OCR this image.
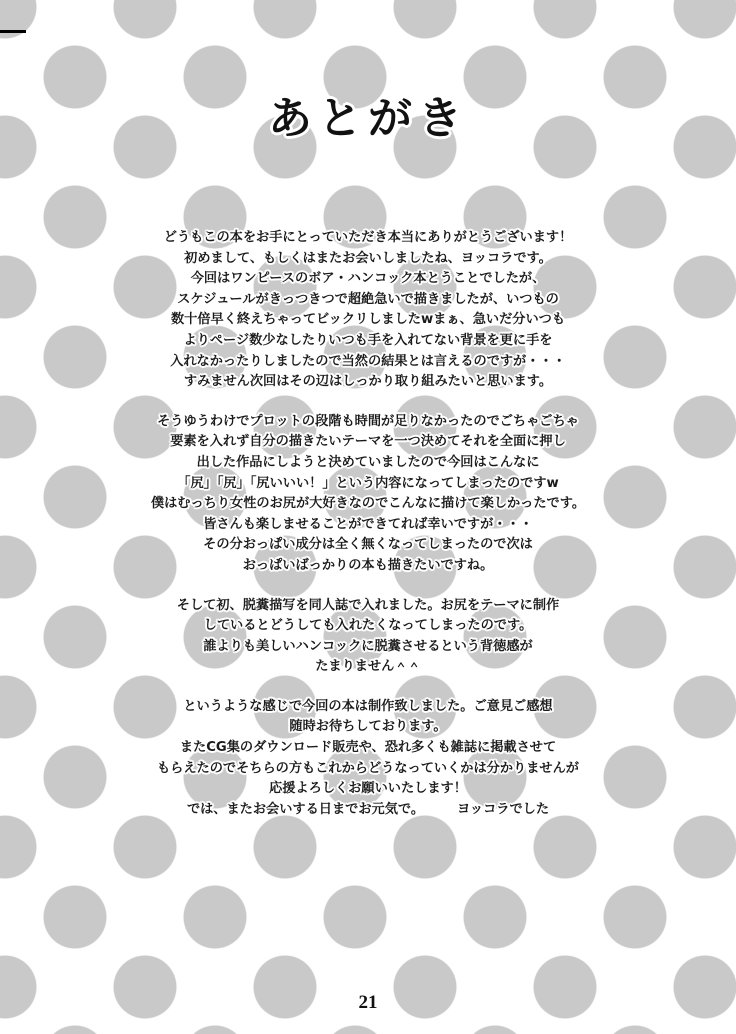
あとがき
どうもこの本をお手にとっていただき本当にありがとうございます！
初めまして、もしくはまたお会いしましたね、ヨッコラです。
今回はワンピースのボア・ハンコック本とうことでしたが、
スケジュールがきっつきつで超絶急いで描きましたが、いつもの
数十倍早く終えちゃってビックリしましたwまぁ、急いだ分いつも
よりページ数少なしたりいつも手を入れてない背景を更に手を
入れなかったりしましたので当然の結果とは言えるのですが・・・
すみません次回はその辺はしっかり取り組みたいと思います。
そうゆうわけでプロットの段階も時間が足りなかったのでごちゃごちゃ
要素を入れず自分の描きたいテーマを一つ決めてそれを全面に押し
出した作品にしようと決めていましたので今回はこんなに
「尻」「尻」「尻いいい！」という内容になってしまったのですw
僕はむっちり女性のお尻が大好きなのでこんなに描けて楽しかったです。
皆さんも楽しませることができてれば幸いですが・・・
その分おっぱい成分は全く無くなってしまったので次は
おっぱいばっかりの本も描きたいですね。
そして初、脱糞描写を同人誌で入れました。お尻をテーマに制作
しているとどうしても入れたくなってしまったのです。
誰よりも美しいハンコックに脱糞させるという背徳感が
たまりません＾＾
というような感じで今回の本は制作致しました。ご意見ご感想
随時お待ちしております。
またCG集のダウンロード販売や、恐れ多くも雑誌に掲載させて
もらえたのでそちらの方もこれからどうなっていくかは分かりませんが
応援よろしくお願いいたします！
では、またお会いする日までお元気で。　　　ヨッコラでした
21
